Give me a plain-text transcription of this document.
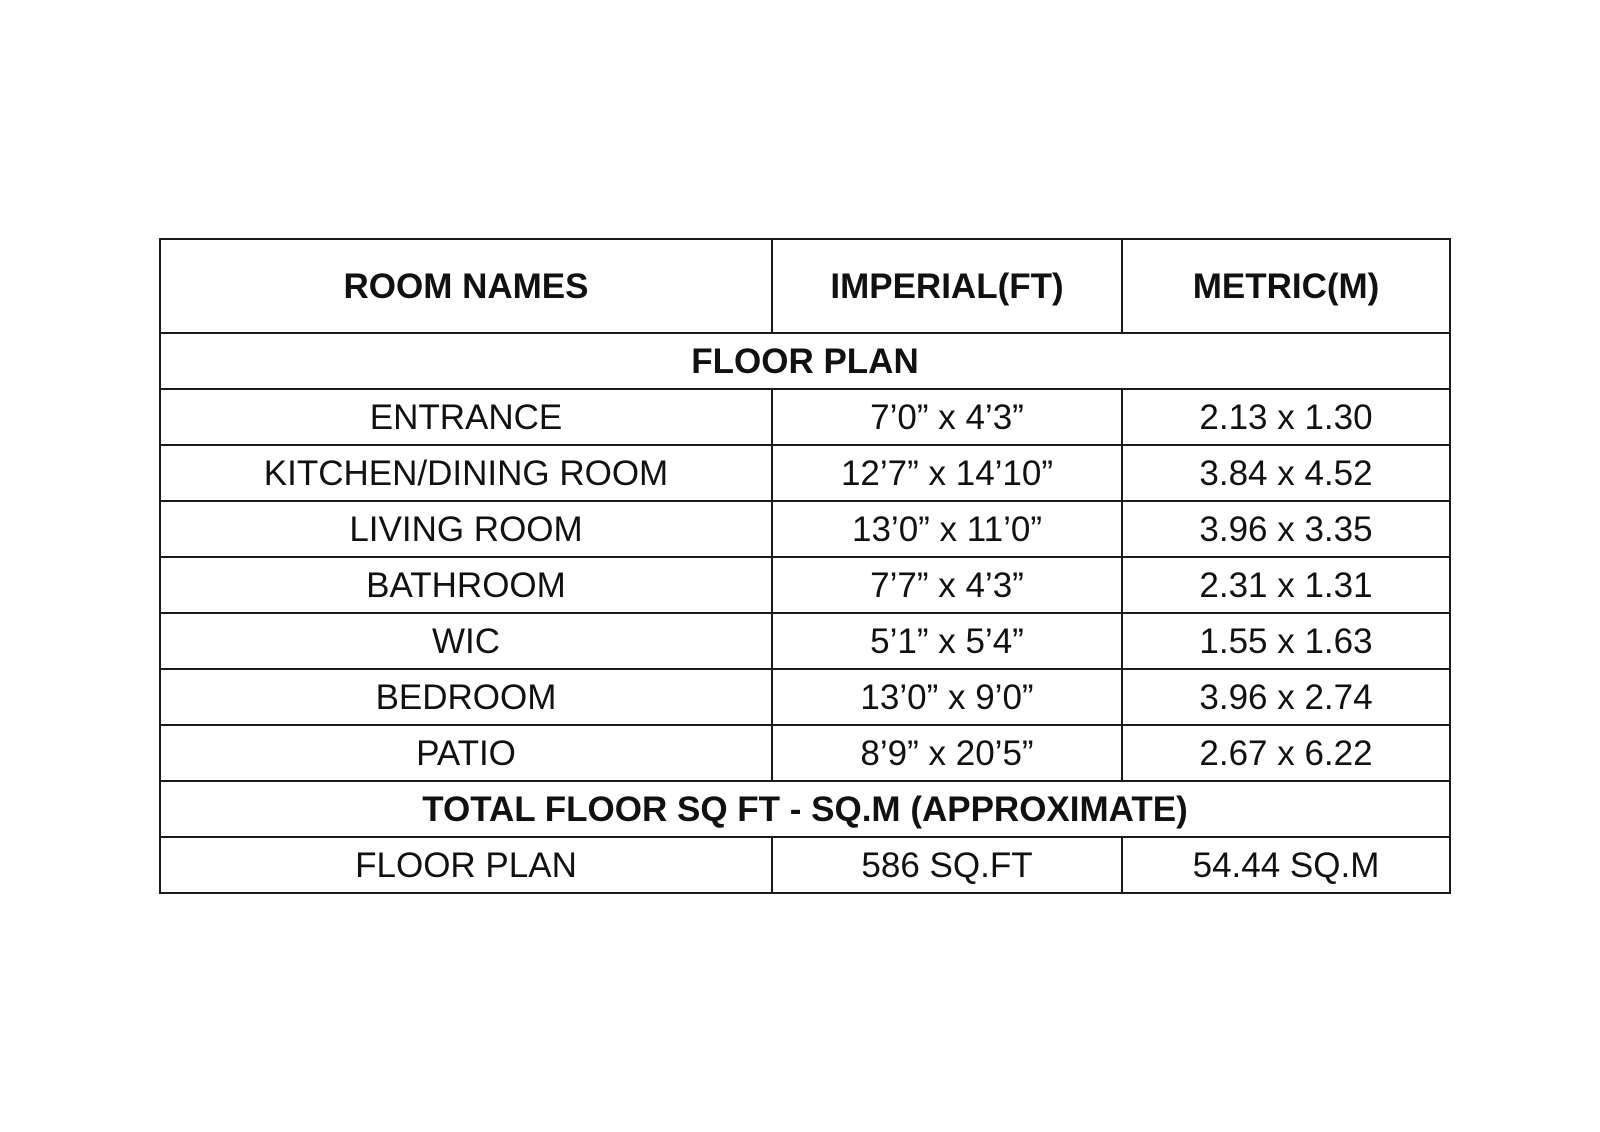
ROOM NAMES	IMPERIAL(FT)	METRIC(M)
FLOOR PLAN		
ENTRANCE	7’0” x 4’3”	2.13 x 1.30
KITCHEN/DINING ROOM	12’7” x 14’10”	3.84 x 4.52
LIVING ROOM	13’0” x 11’0”	3.96 x 3.35
BATHROOM	7’7” x 4’3”	2.31 x 1.31
WIC	5’1” x 5’4”	1.55 x 1.63
BEDROOM	13’0” x 9’0”	3.96 x 2.74
PATIO	8’9” x 20’5”	2.67 x 6.22
TOTAL FLOOR SQ FT - SQ.M (APPROXIMATE)		
FLOOR PLAN	586 SQ.FT	54.44 SQ.M
